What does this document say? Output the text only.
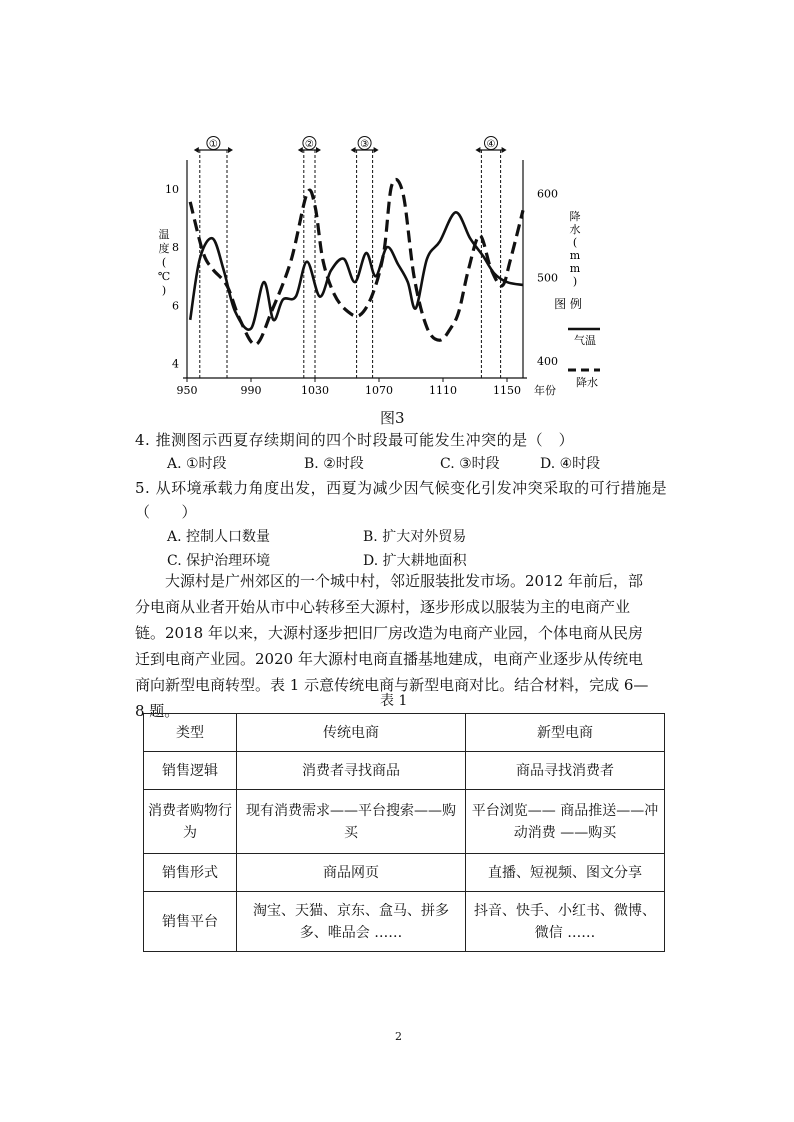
①	②	③	④
950	990	1030	1070	1110	1150 年份
4
6
8
10
温
度
(
℃
)
400
500
600
降
水
(
m
m
)
图 例
气温
降水
图3
4. 推测图示西夏存续期间的四个时段最可能发生冲突的是（　）
A. ①时段	B. ②时段	C. ③时段	D. ④时段
5. 从环境承载力角度出发，西夏为减少因气候变化引发冲突采取的可行措施是
（　　）
A. 控制人口数量	B. 扩大对外贸易
C. 保护治理环境	D. 扩大耕地面积

大源村是广州郊区的一个城中村，邻近服装批发市场。2012 年前后，部分电商从业者开始从市中心转移至大源村，逐步形成以服装为主的电商产业链。2018 年以来，大源村逐步把旧厂房改造为电商产业园，个体电商从民房迁到电商产业园。2020 年大源村电商直播基地建成，电商产业逐步从传统电商向新型电商转型。表 1 示意传统电商与新型电商对比。结合材料，完成 6—8 题。

表 1
类型	传统电商	新型电商
销售逻辑	消费者寻找商品	商品寻找消费者
消费者购物行为	现有消费需求——平台搜索——购买	平台浏览—— 商品推送——冲动消费 ——购买
销售形式	商品网页	直播、短视频、图文分享
销售平台	淘宝、天猫、京东、盒马、拼多多、唯品会 ……	抖音、快手、小红书、微博、微信 ……
2
